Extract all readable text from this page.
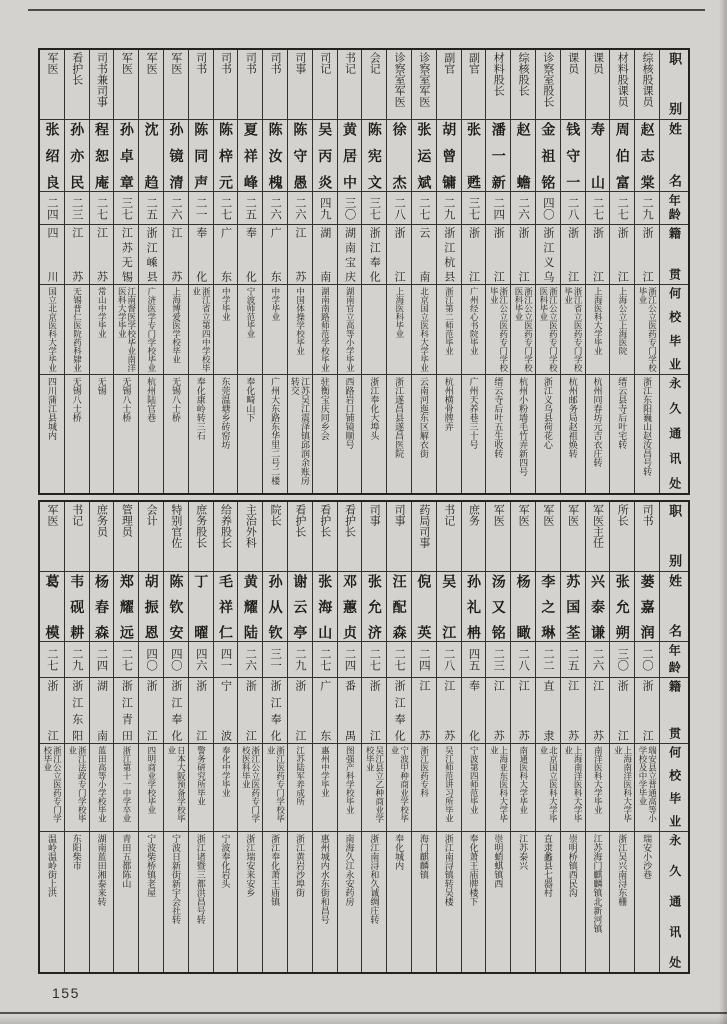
军医
张绍良
二四
四川
国立北京医科大学毕业
四川蒲江县城内
看护长
孙亦民
二三
江苏
无锡普仁医院药科肄业
无锡八士桥
司书兼司事
程恕庵
二七
江苏
常山中学毕业
无锡
军医
孙卓章
三七
江苏无锡
江南督医学校毕业南洋医科大学毕业
无锡八士桥
军医
沈趋
二五
浙江嵊县
广济医学专门学校毕业
杭州陆官巷
军医
孙镜清
二六
江苏
上海博爱医学校毕业
无锡八士桥
司书
陈同声
二一
奉化
浙江省立第四中学校毕业
奉化康岭转三石
司书
陈梓元
二七
广东
中学毕业
东莞温塘乡砖窑坊
司书
夏祥峰
二五
奉化
宁波师范毕业
奉化畸山下
司书
陈汝槐
二六
广东
中学毕业
广州大东路东华里二号二楼
司事
陈守愚
二六
江苏
中国体操学校毕业
江苏吴江震泽镇邱润余账房转交
司记
吴丙炎
四九
湖南
湖南南路师范学校毕业
驻衡宝庆同乡会
书记
黄居中
三〇
湖南宝庆
湖南官立高等小学毕业
西路岩口铺镜顺号
会记
陈宪文
三七
浙江奉化
浙江奉化大埠头
诊察室军医
徐杰
二八
浙江
上海医科毕业
浙江遂昌县遂昌医院
诊察室军医
张运斌
二七
云南
北京国立医科大学毕业
云南河迤东区解衣街
副官
胡曾镛
二九
浙江杭县
浙江第二师范毕业
杭州横骨牌弄
副官
张甦
三七
浙江
广州经心书院毕业
广州天养巷三十号
材料股长
潘一新
二四
浙江
浙江公立医药专门学校毕业
缙云寺后叶五生收转
综核股长
赵蟾
二六
浙江
浙江公立医药专门学校医科毕业
杭州小粉墙毛竹弄新四号
诊察室股长
金祖铭
四〇
浙江义乌
浙江公立医药专门学校医科毕业
浙江义乌县荷花心
课员
钱守一
二八
浙江
浙江省立医药专门学校毕业
杭州邮务局赵祖焕转
课员
寿山
二七
浙江
上海医科大学毕业
杭州同春坊元吉衣庄转
材料股课员
周伯富
二七
浙江
上海公立上海医院
缙云县寺后叶宅转
综核股课员
赵志棠
二九
浙江
浙江公立医药专门学校毕业
浙江东阳巍山赵汝昌号转
职别
姓名
年龄
籍贯
何校毕业
永久通讯处
军医
葛模
二七
浙江
浙江公立医药专门学校毕业
温岭温岭街上洪
书记
韦砚耕
二九
浙江东阳
浙江法政专门学校毕业
东阳柴市
庶务员
杨春森
二四
湖南
蓝田高等小学校毕业
湖南蓝田湘泰来转
管理员
郑耀远
二七
浙江青田
浙江第十一中学卒业
青田五都陈山
会计
胡振恩
四〇
浙江
四明商业学校毕业
宁波柴桥镇老屋
特别官佐
陈钦安
四〇
浙江奉化
日本大阪预备学校毕业
宁波日新街新宇会社转
庶务股长
丁曜
四六
浙江
警务研究所毕业
浙江诸暨三都洪昌号转
给养股长
毛祥仁
四一
宁波
奉化中学毕业
宁波奉化岩头
主治外科
黄耀陆
二六
浙江
浙江公立医药专门学校医科毕业
浙江瑞安来安乡
院长
孙从钦
三一
浙江奉化
浙江医药专门学校毕业
浙江奉化萧王庙镇
看护长
谢云亭
二九
浙江
江苏陆军养成所
浙江黄岩沙埠街
看护长
张海山
二七
广东
惠州中学毕业
惠州城内水东街和昌号
看护长
邓蕙贞
二四
番禺
图强产科学校毕业
南海久江永安药房
司事
张允济
二七
浙江
吴江县立乙种商业学校毕业
浙江南浔和久诚绸庄转
司事
汪配森
二七
浙江奉化
宁波甲种商业学校毕业
奉化城内
药局司事
倪英
二四
江苏
浙江医药专科
海门麒麟镇
书记
吴江
二八
江苏
吴江师范讲习所毕业
浙江南浔镇转吴楼
庶务
孙礼柟
四五
奉化
宁波第四师范毕业
奉化萧王庙牌楼下
军医
汤又铭
二三
江苏
上海亚东医科大学毕业
崇明蛸蜞镇西
军医
杨瞰
二八
江苏
南通医科大学毕业
江苏泰兴
军医
李之琳
二二
直隶
北京国立医科大学毕业
直隶蠡县七器村
军医
苏国荃
二五
江苏
上海南洋医科大学毕业
崇明桥镇西民沟
军医主任
兴泰谦
二六
江苏
南洋医科大学毕业
江苏海门麒麟镇北新河镇
所长
张允朔
三〇
浙江
上海南洋医科大学毕业
浙江吴兴南浔东栅
司书
蒌嘉润
二〇
浙江
瑞安县立普通高等小学校及中学毕业
瑞安小沙巷
职别
姓名
年龄
籍贯
何校毕业
永久通讯处
155
